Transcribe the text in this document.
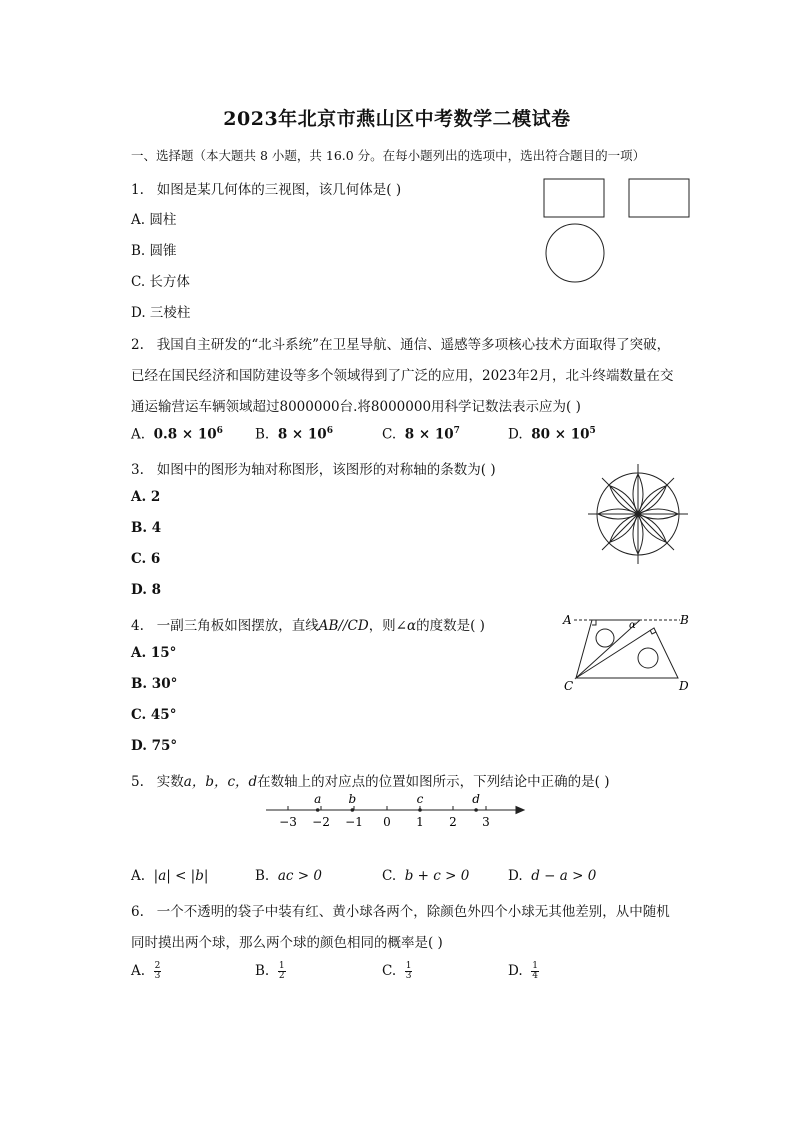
2023年北京市燕山区中考数学二模试卷
一、选择题（本大题共 8 小题，共 16.0 分。在每小题列出的选项中，选出符合题目的一项）
1. 如图是某几何体的三视图，该几何体是( )
A. 圆柱
B. 圆锥
C. 长方体
D. 三棱柱
2. 我国自主研发的“北斗系统”在卫星导航、通信、遥感等多项核心技术方面取得了突破，
已经在国民经济和国防建设等多个领域得到了广泛的应用，2023年2月，北斗终端数量在交
通运输营运车辆领域超过8000000台.将8000000用科学记数法表示应为( )
A. $0.8 \times 10^6$ B. $8 \times 10^6$	C. $8 \times 10^7$	D. $80 \times 10^5$
3. 如图中的图形为轴对称图形，该图形的对称轴的条数为( )
A. 2
B. 4
C. 6
D. 8
4. 一副三角板如图摆放，直线AB//CD，则∠α的度数是( )
A. 15°
B. 30°
C. 45°
D. 75°
A	B
C	D
α
5. 实数a，b，c，d在数轴上的对应点的位置如图所示，下列结论中正确的是( )
−3 −2 −1 0 1 2 3
a b	c	d
A. |a| < |b|	B. ac > 0	C. b + c > 0	D. d − a > 0
6. 一个不透明的袋子中装有红、黄小球各两个，除颜色外四个小球无其他差别，从中随机
同时摸出两个球，那么两个球的颜色相同的概率是( )
A. $\frac{2}{3}$	B. $\frac{1}{2}$	C. $\frac{1}{3}$	D. $\frac{1}{4}$
